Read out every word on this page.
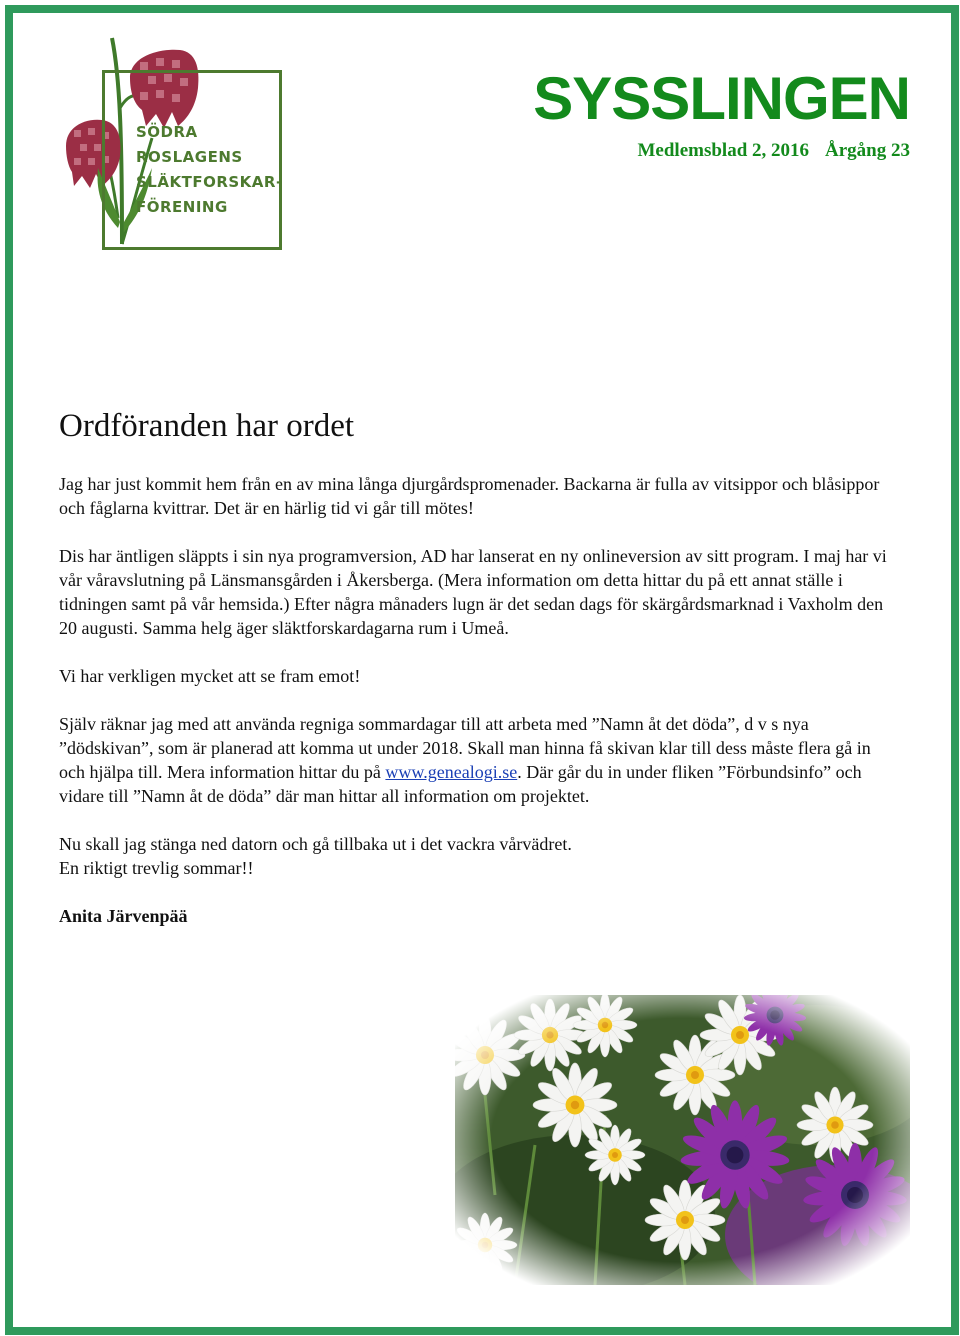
SÖDRA
ROSLAGENS
SLÄKTFORSKAR-
FÖRENING
SYSSLINGEN
Medlemsblad 2, 2016 Årgång 23
Ordföranden har ordet

Jag har just kommit hem från en av mina långa djurgårdspromenader. Backarna är fulla av vitsippor och blåsippor och fåglarna kvittrar. Det är en härlig tid vi går till mötes!

Dis har äntligen släppts i sin nya programversion, AD har lanserat en ny onlineversion av sitt program. I maj har vi vår våravslutning på Länsmansgården i Åkersberga. (Mera information om detta hittar du på ett annat ställe i tidningen samt på vår hemsida.) Efter några månaders lugn är det sedan dags för skärgårdsmarknad i Vaxholm den 20 augusti. Samma helg äger släktforskardagarna rum i Umeå.

Vi har verkligen mycket att se fram emot!

Själv räknar jag med att använda regniga sommardagar till att arbeta med ”Namn åt det döda”, d v s nya ”dödskivan”, som är planerad att komma ut under 2018. Skall man hinna få skivan klar till dess måste flera gå in och hjälpa till. Mera information hittar du på www.genealogi.se. Där går du in under fliken ”Förbundsinfo” och vidare till ”Namn åt de döda” där man hittar all information om projektet.

Nu skall jag stänga ned datorn och gå tillbaka ut i det vackra vårvädret.
En riktigt trevlig sommar!!

Anita Järvenpää
